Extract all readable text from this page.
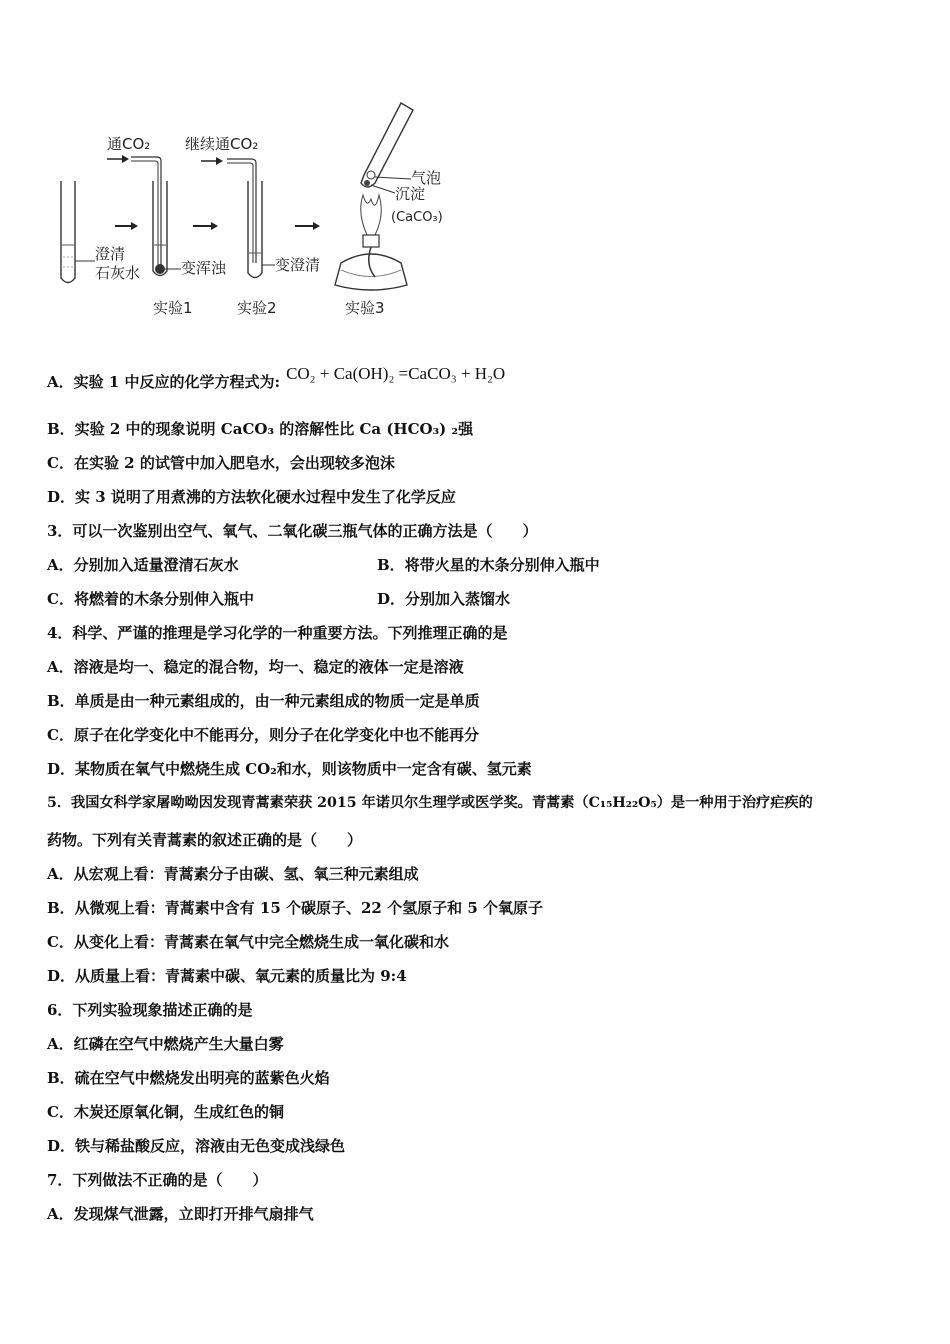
澄清
石灰水
通CO₂
变浑浊
实验1
继续通CO₂
变澄清
实验2
气泡
沉淀
(CaCO₃)
实验3
A．实验 1 中反应的化学方程式为: CO₂ + Ca(OH)₂ =CaCO₃ + H₂O
B．实验 2 中的现象说明 CaCO₃ 的溶解性比 Ca (HCO₃) ₂强
C．在实验 2 的试管中加入肥皂水，会出现较多泡沫
D．实 3 说明了用煮沸的方法软化硬水过程中发生了化学反应
3．可以一次鉴别出空气、氧气、二氧化碳三瓶气体的正确方法是（　　）
A．分别加入适量澄清石灰水	B．将带火星的木条分别伸入瓶中
C．将燃着的木条分别伸入瓶中	D．分别加入蒸馏水
4．科学、严谨的推理是学习化学的一种重要方法。下列推理正确的是
A．溶液是均一、稳定的混合物，均一、稳定的液体一定是溶液
B．单质是由一种元素组成的，由一种元素组成的物质一定是单质
C．原子在化学变化中不能再分，则分子在化学变化中也不能再分
D．某物质在氧气中燃烧生成 CO₂和水，则该物质中一定含有碳、氢元素
5．我国女科学家屠呦呦因发现青蒿素荣获 2015 年诺贝尔生理学或医学奖。青蒿素（C₁₅H₂₂O₅）是一种用于治疗疟疾的
药物。下列有关青蒿素的叙述正确的是（　　）
A．从宏观上看：青蒿素分子由碳、氢、氧三种元素组成
B．从微观上看：青蒿素中含有 15 个碳原子、22 个氢原子和 5 个氧原子
C．从变化上看：青蒿素在氧气中完全燃烧生成一氧化碳和水
D．从质量上看：青蒿素中碳、氧元素的质量比为 9:4
6．下列实验现象描述正确的是
A．红磷在空气中燃烧产生大量白雾
B．硫在空气中燃烧发出明亮的蓝紫色火焰
C．木炭还原氧化铜，生成红色的铜
D．铁与稀盐酸反应，溶液由无色变成浅绿色
7．下列做法不正确的是（　　）
A．发现煤气泄露，立即打开排气扇排气
